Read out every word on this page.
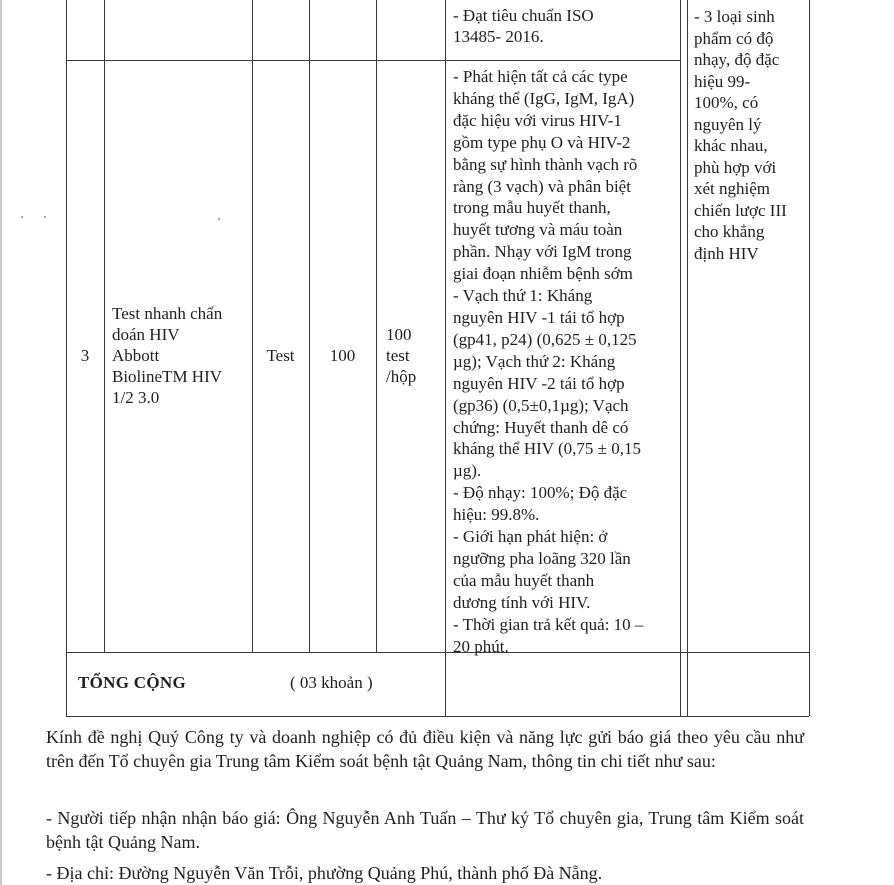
- Đạt tiêu chuẩn ISO
13485- 2016.
- 3 loại sinh
phẩm có độ
nhạy, độ đặc
hiệu 99-
100%, có
nguyên lý
khác nhau,
phù hợp với
xét nghiệm
chiến lược III
cho khẳng
định HIV
3
Test nhanh chẩn
doán HIV
Abbott
BiolineTM HIV
1/2 3.0
Test	100
100
test
/hộp
- Phát hiện tất cả các type
kháng thể (IgG, IgM, IgA)
đặc hiệu với virus HIV-1
gồm type phụ O và HIV-2
bằng sự hình thành vạch rõ
ràng (3 vạch) và phân biệt
trong mẫu huyết thanh,
huyết tương và máu toàn
phần. Nhạy với IgM trong
giai đoạn nhiễm bệnh sớm
- Vạch thứ 1: Kháng
nguyên HIV -1 tái tổ hợp
(gp41, p24) (0,625 ± 0,125
µg); Vạch thứ 2: Kháng
nguyên HIV -2 tái tổ hợp
(gp36) (0,5±0,1µg); Vạch
chứng: Huyết thanh dê có
kháng thể HIV (0,75 ± 0,15
µg).
- Độ nhạy: 100%; Độ đặc
hiệu: 99.8%.
- Giới hạn phát hiện: ở
ngưỡng pha loãng 320 lần
của mẫu huyết thanh
dương tính với HIV.
- Thời gian trả kết quả: 10 –
20 phút.
TỔNG CỘNG	( 03 khoản )
Kính đề nghị Quý Công ty và doanh nghiệp có đủ điều kiện và năng lực gửi báo giá theo yêu cầu như trên đến Tổ chuyên gia Trung tâm Kiểm soát bệnh tật Quảng Nam, thông tin chi tiết như sau:
- Người tiếp nhận nhận báo giá: Ông Nguyễn Anh Tuấn – Thư ký Tổ chuyên gia, Trung tâm Kiểm soát bệnh tật Quảng Nam.
- Địa chỉ: Đường Nguyễn Văn Trỗi, phường Quảng Phú, thành phố Đà Nẵng.
